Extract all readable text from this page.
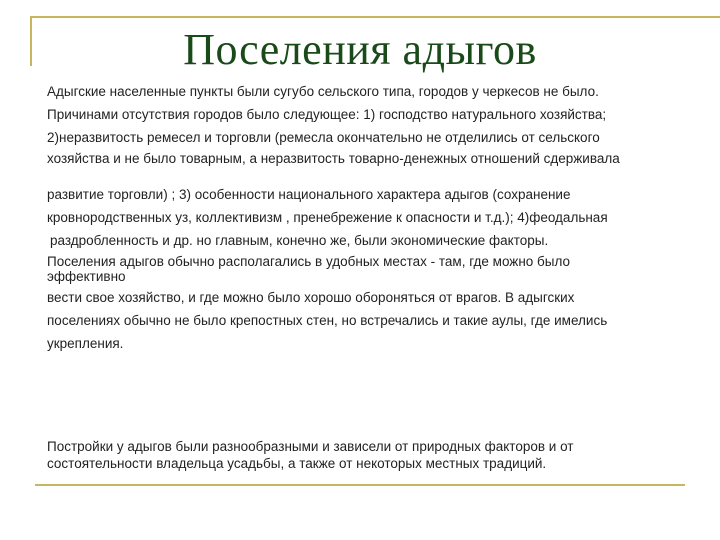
Поселения адыгов
Адыгские населенные пункты были сугубо сельского типа, городов у черкесов не было.
Причинами отсутствия городов было следующее: 1) господство натурального хозяйства;
2)неразвитость ремесел и торговли (ремесла окончательно не отделились от сельского
хозяйства и не было товарным, а неразвитость товарно-денежных отношений сдерживала
развитие торговли) ; 3) особенности национального характера адыгов (сохранение
кровнородственных уз, коллективизм , пренебрежение к опасности и т.д.); 4)феодальная
раздробленность и др. но главным, конечно же, были экономические факторы.
Поселения адыгов обычно располагались в удобных местах - там, где можно было эффективно
вести свое хозяйство, и где можно было хорошо обороняться от врагов. В адыгских
поселениях обычно не было крепостных стен, но встречались и такие аулы, где имелись
укрепления.
Постройки у адыгов были разнообразными и зависели от природных факторов и от состоятельности владельца усадьбы, а также от некоторых местных традиций.
